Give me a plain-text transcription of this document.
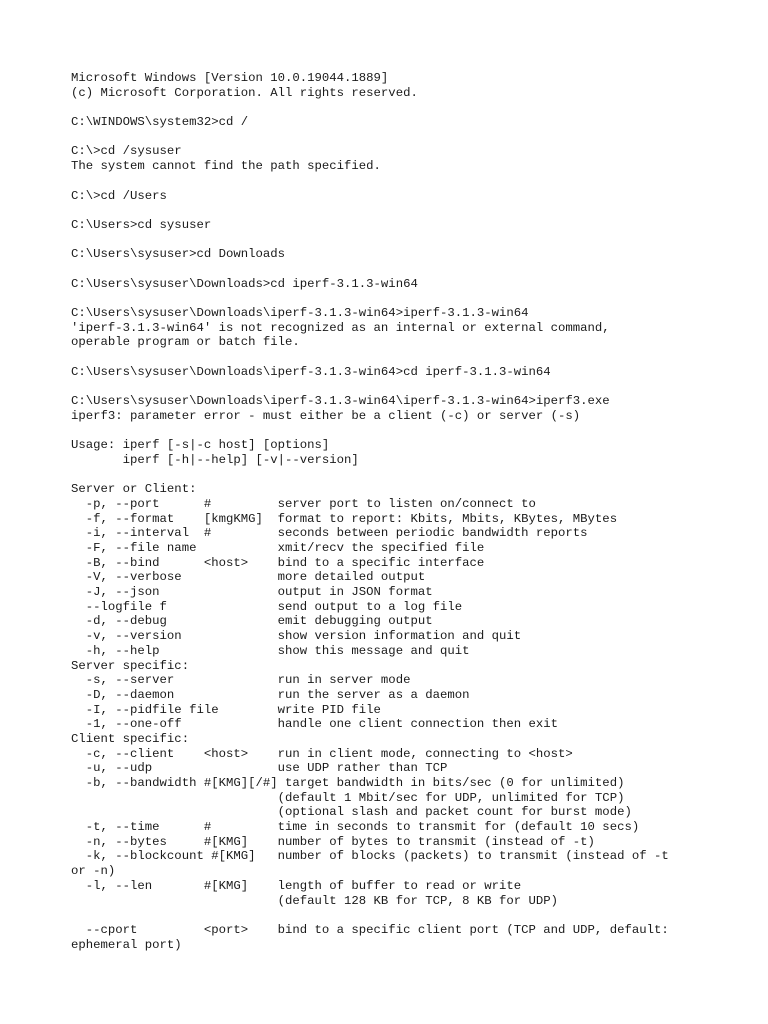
Microsoft Windows [Version 10.0.19044.1889]
(c) Microsoft Corporation. All rights reserved.
C:\WINDOWS\system32>cd /
C:\>cd /sysuser
The system cannot find the path specified.
C:\>cd /Users
C:\Users>cd sysuser
C:\Users\sysuser>cd Downloads
C:\Users\sysuser\Downloads>cd iperf-3.1.3-win64
C:\Users\sysuser\Downloads\iperf-3.1.3-win64>iperf-3.1.3-win64
'iperf-3.1.3-win64' is not recognized as an internal or external command,
operable program or batch file.
C:\Users\sysuser\Downloads\iperf-3.1.3-win64>cd iperf-3.1.3-win64
C:\Users\sysuser\Downloads\iperf-3.1.3-win64\iperf-3.1.3-win64>iperf3.exe
iperf3: parameter error - must either be a client (-c) or server (-s)
Usage: iperf [-s|-c host] [options]
iperf [-h|--help] [-v|--version]
Server or Client:
-p, --port      #         server port to listen on/connect to
-f, --format    [kmgKMG]  format to report: Kbits, Mbits, KBytes, MBytes
-i, --interval  #         seconds between periodic bandwidth reports
-F, --file name           xmit/recv the specified file
-B, --bind      <host>    bind to a specific interface
-V, --verbose             more detailed output
-J, --json                output in JSON format
--logfile f               send output to a log file
-d, --debug               emit debugging output
-v, --version             show version information and quit
-h, --help                show this message and quit
Server specific:
-s, --server              run in server mode
-D, --daemon              run the server as a daemon
-I, --pidfile file        write PID file
-1, --one-off             handle one client connection then exit
Client specific:
-c, --client    <host>    run in client mode, connecting to <host>
-u, --udp                 use UDP rather than TCP
-b, --bandwidth #[KMG][/#] target bandwidth in bits/sec (0 for unlimited)
(default 1 Mbit/sec for UDP, unlimited for TCP)
(optional slash and packet count for burst mode)
-t, --time      #         time in seconds to transmit for (default 10 secs)
-n, --bytes     #[KMG]    number of bytes to transmit (instead of -t)
-k, --blockcount #[KMG]   number of blocks (packets) to transmit (instead of -t
or -n)
-l, --len       #[KMG]    length of buffer to read or write
(default 128 KB for TCP, 8 KB for UDP)
--cport         <port>    bind to a specific client port (TCP and UDP, default:
ephemeral port)
